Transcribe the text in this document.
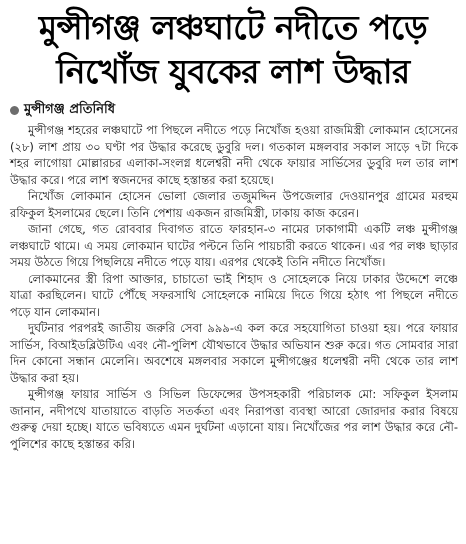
মুন্সীগঞ্জ লঞ্চঘাটে নদীতে পড়ে
নিখোঁজ যুবকের লাশ উদ্ধার
মুন্সীগঞ্জ প্রতিনিধি

মুন্সীগঞ্জ শহরের লঞ্চঘাটে পা পিছলে নদীতে পড়ে নিখোঁজ হওয়া রাজমিস্ত্রী লোকমান হোসেনের (২৮) লাশ প্রায় ৩০ ঘণ্টা পর উদ্ধার করেছে ডুবুরি দল। গতকাল মঙ্গলবার সকাল সাড়ে ৭টা দিকে শহর লাগোয়া মোল্লারচর এলাকা-সংলগ্ন ধলেশ্বরী নদী থেকে ফায়ার সার্ভিসের ডুবুরি দল তার লাশ উদ্ধার করে। পরে লাশ স্বজনদের কাছে হস্তান্তর করা হয়েছে।

নিখোঁজ লোকমান হোসেন ভোলা জেলার তজুমদ্দিন উপজেলার দেওয়ানপুর গ্রামের মরহুম রফিকুল ইসলামের ছেলে। তিনি পেশায় একজন রাজমিস্ত্রী, ঢাকায় কাজ করেন।

জানা গেছে, গত রোববার দিবাগত রাতে ফারহান-৩ নামের ঢাকাগামী একটি লঞ্চ মুন্সীগঞ্জ লঞ্চঘাটে থামে। এ সময় লোকমান ঘাটের পল্টনে তিনি পায়চারী করতে থাকেন। এর পর লঞ্চ ছাড়ার সময় উঠতে গিয়ে পিছলিয়ে নদীতে পড়ে যায়। এরপর থেকেই তিনি নদীতে নিখোঁজ।

লোকমানের স্ত্রী রিপা আক্তার, চাচাতো ভাই শিহাদ ও সোহেলকে নিয়ে ঢাকার উদ্দেশে লঞ্চে যাত্রা করছিলেন। ঘাটে পৌঁছে সফরসাথি সোহেলকে নামিয়ে দিতে গিয়ে হঠাৎ পা পিছলে নদীতে পড়ে যান লোকমান।

দুর্ঘটনার পরপরই জাতীয় জরুরি সেবা ৯৯৯-এ কল করে সহযোগিতা চাওয়া হয়। পরে ফায়ার সার্ভিস, বিআইডব্লিউটিএ এবং নৌ-পুলিশ যৌথভাবে উদ্ধার অভিযান শুরু করে। গত সোমবার সারা দিন কোনো সন্ধান মেলেনি। অবশেষে মঙ্গলবার সকালে মুন্সীগঞ্জের ধলেশ্বরী নদী থেকে তার লাশ উদ্ধার করা হয়।

মুন্সীগঞ্জ ফায়ার সার্ভিস ও সিভিল ডিফেন্সের উপসহকারী পরিচালক মো: সফিকুল ইসলাম জানান, নদীপথে যাতায়াতে বাড়তি সতর্কতা এবং নিরাপত্তা ব্যবস্থা আরো জোরদার করার বিষয়ে গুরুত্ব দেয়া হচ্ছে। যাতে ভবিষ্যতে এমন দুর্ঘটনা এড়ানো যায়। নিখোঁজের পর লাশ উদ্ধার করে নৌ-পুলিশের কাছে হস্তান্তর করি।
